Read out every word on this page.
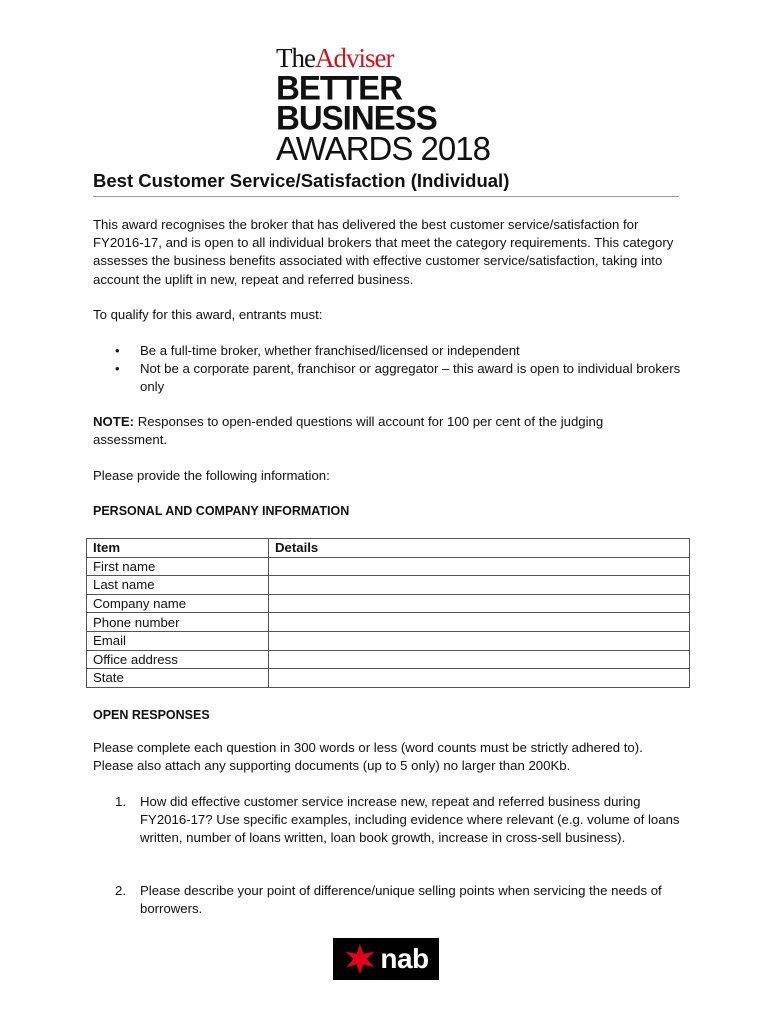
TheAdviser
BETTER
BUSINESS
AWARDS 2018
Best Customer Service/Satisfaction (Individual)
This award recognises the broker that has delivered the best customer service/satisfaction for FY2016-17, and is open to all individual brokers that meet the category requirements. This category assesses the business benefits associated with effective customer service/satisfaction, taking into account the uplift in new, repeat and referred business.
To qualify for this award, entrants must:
• Be a full-time broker, whether franchised/licensed or independent
• Not be a corporate parent, franchisor or aggregator – this award is open to individual brokers only
NOTE: Responses to open-ended questions will account for 100 per cent of the judging assessment.
Please provide the following information:
PERSONAL AND COMPANY INFORMATION
Item	Details
First name	
Last name	
Company name	
Phone number	
Email	
Office address	
State	
OPEN RESPONSES
Please complete each question in 300 words or less (word counts must be strictly adhered to). Please also attach any supporting documents (up to 5 only) no larger than 200Kb.
1. How did effective customer service increase new, repeat and referred business during FY2016-17? Use specific examples, including evidence where relevant (e.g. volume of loans written, number of loans written, loan book growth, increase in cross-sell business).
2. Please describe your point of difference/unique selling points when servicing the needs of borrowers.
nab
